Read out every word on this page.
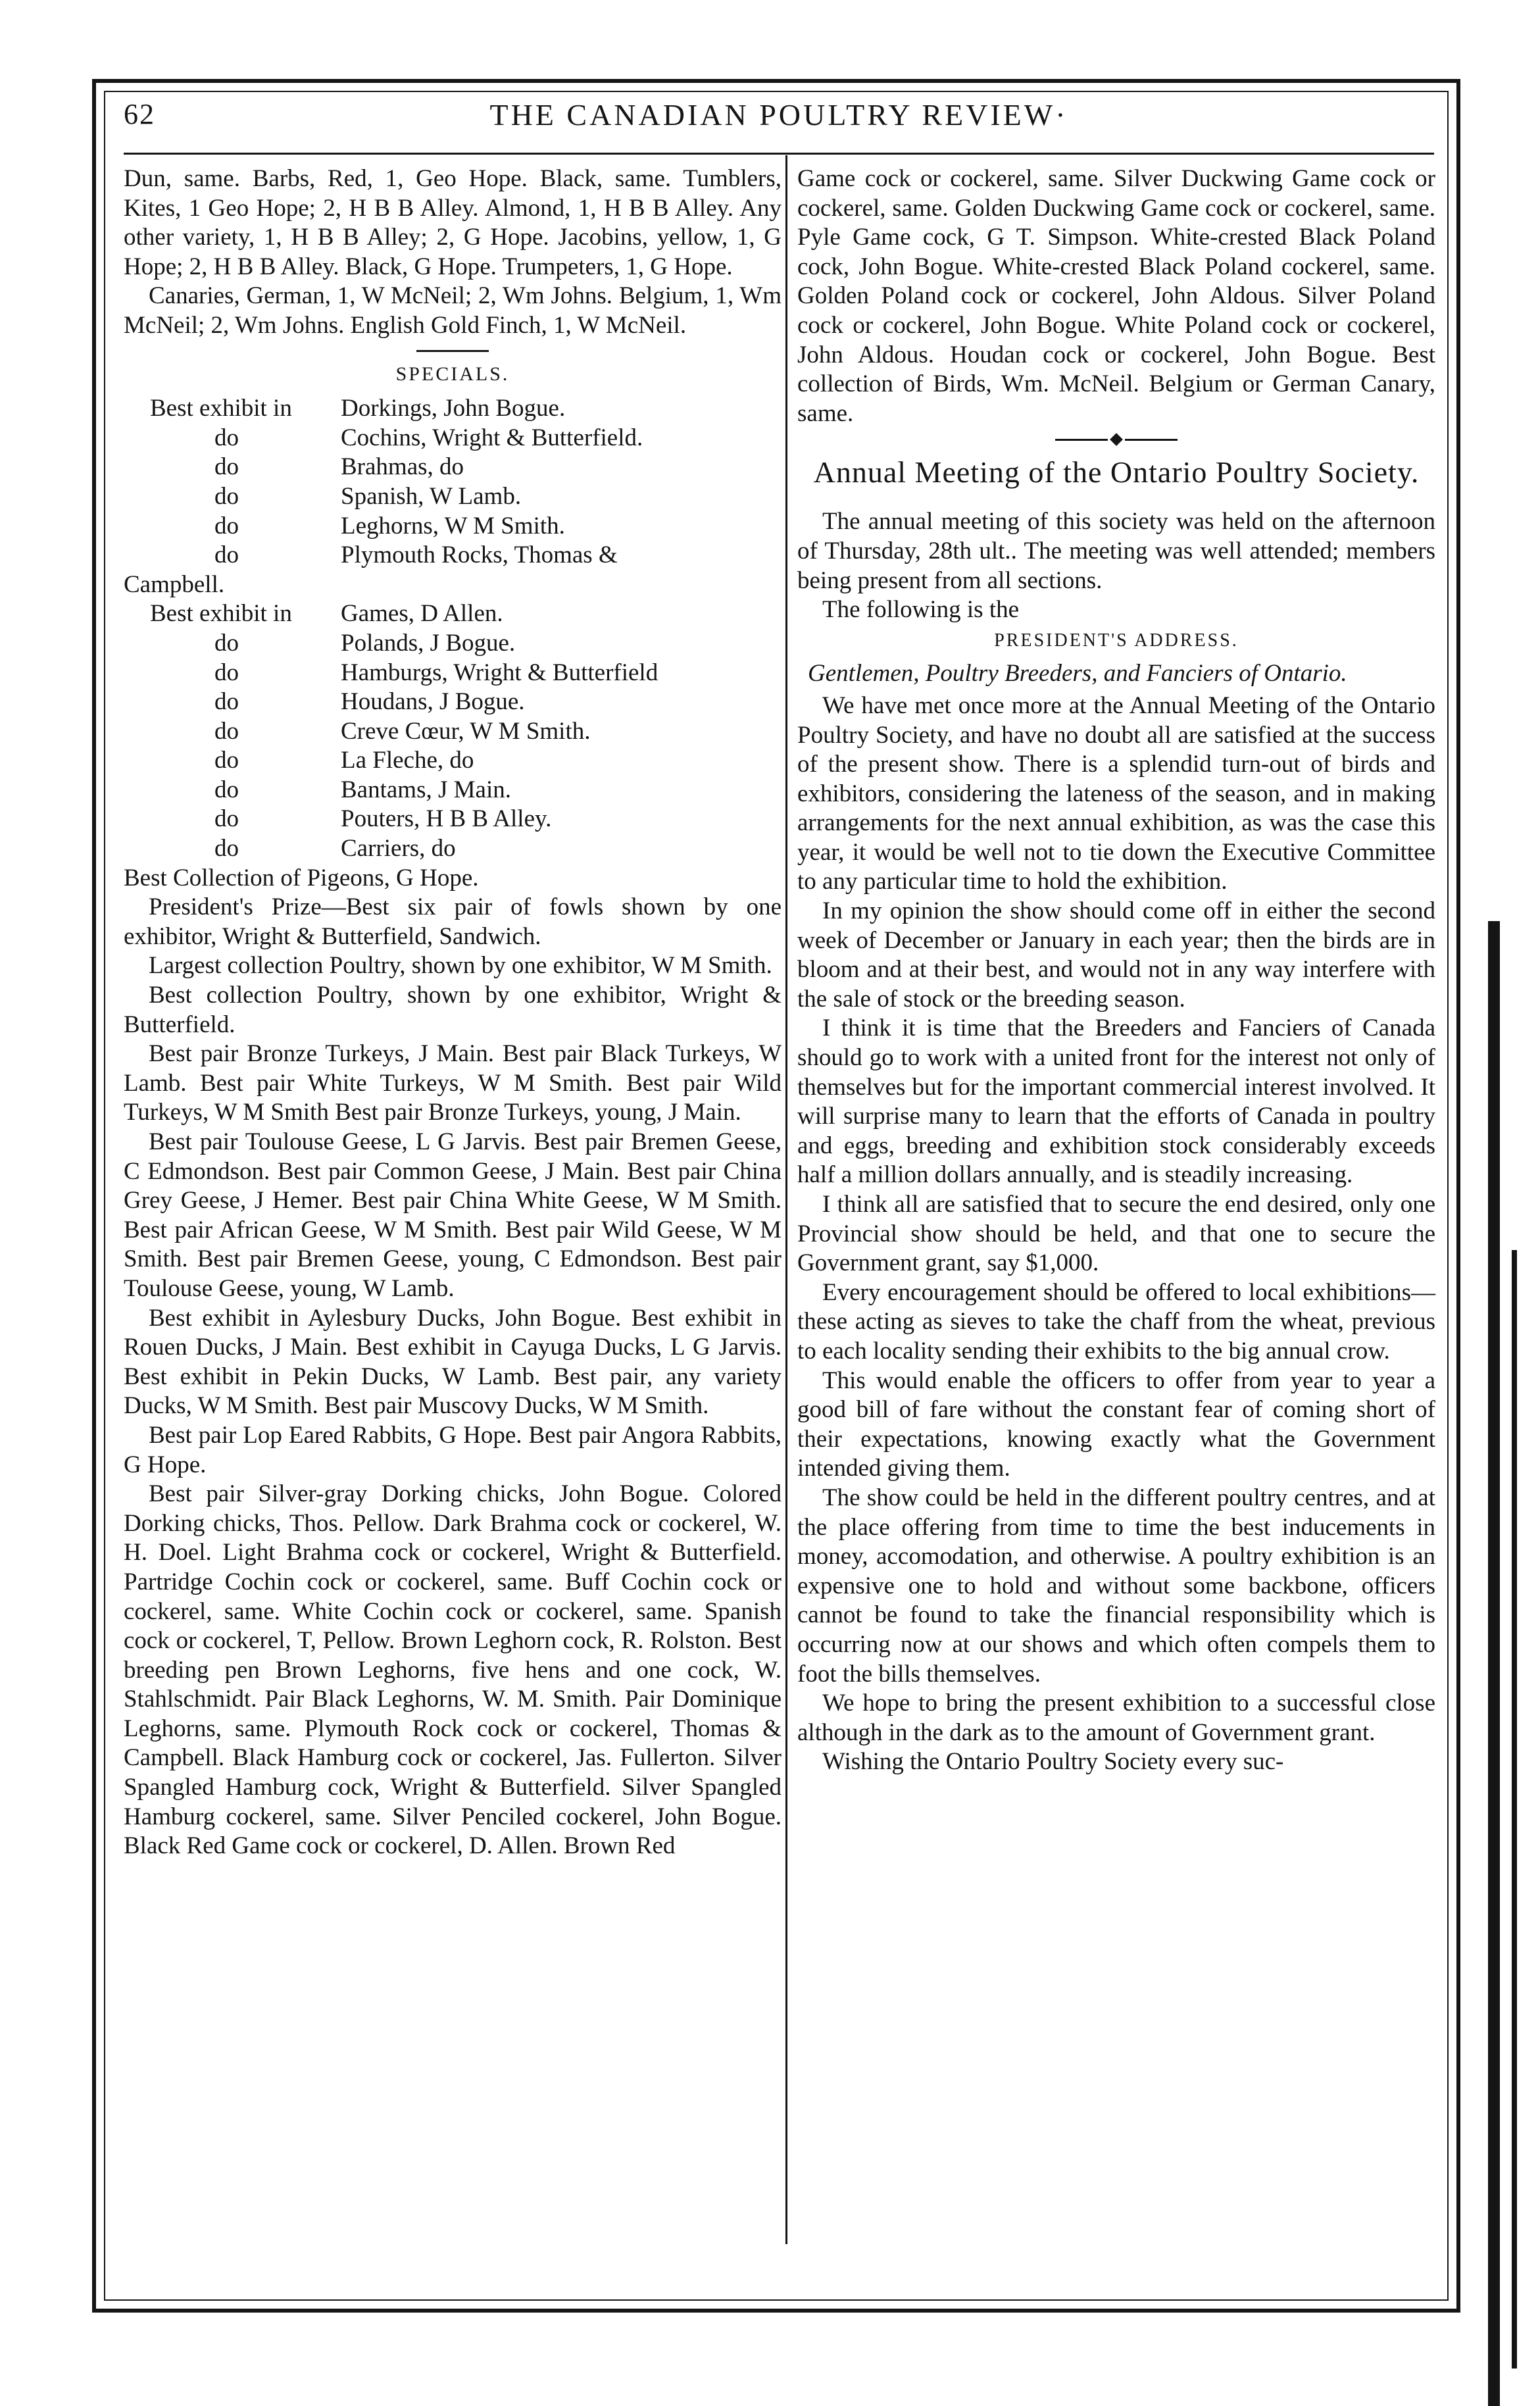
62	THE CANADIAN POULTRY REVIEW·

Dun, same. Barbs, Red, 1, Geo Hope. Black, same. Tumblers, Kites, 1 Geo Hope; 2, H B B Alley. Almond, 1, H B B Alley. Any other variety, 1, H B B Alley; 2, G Hope. Jacobins, yellow, 1, G Hope; 2, H B B Alley. Black, G Hope. Trumpeters, 1, G Hope.

Canaries, German, 1, W McNeil; 2, Wm Johns. Belgium, 1, Wm McNeil; 2, Wm Johns. English Gold Finch, 1, W McNeil.

SPECIALS.
Best exhibit in	Dorkings, John Bogue.
do	Cochins, Wright & Butterfield.
do	Brahmas, do
do	Spanish, W Lamb.
do	Leghorns, W M Smith.
do	Plymouth Rocks, Thomas &

Campbell.

Best exhibit in	Games, D Allen.
do	Polands, J Bogue.
do	Hamburgs, Wright & Butterfield
do	Houdans, J Bogue.
do	Creve Cœur, W M Smith.
do	La Fleche, do
do	Bantams, J Main.
do	Pouters, H B B Alley.
do	Carriers, do

Best Collection of Pigeons, G Hope.

President's Prize—Best six pair of fowls shown by one exhibitor, Wright & Butterfield, Sandwich.

Largest collection Poultry, shown by one exhibitor, W M Smith.

Best collection Poultry, shown by one exhibitor, Wright & Butterfield.

Best pair Bronze Turkeys, J Main. Best pair Black Turkeys, W Lamb. Best pair White Turkeys, W M Smith. Best pair Wild Turkeys, W M Smith Best pair Bronze Turkeys, young, J Main.

Best pair Toulouse Geese, L G Jarvis. Best pair Bremen Geese, C Edmondson. Best pair Common Geese, J Main. Best pair China Grey Geese, J Hemer. Best pair China White Geese, W M Smith. Best pair African Geese, W M Smith. Best pair Wild Geese, W M Smith. Best pair Bremen Geese, young, C Edmondson. Best pair Toulouse Geese, young, W Lamb.

Best exhibit in Aylesbury Ducks, John Bogue. Best exhibit in Rouen Ducks, J Main. Best exhibit in Cayuga Ducks, L G Jarvis. Best exhibit in Pekin Ducks, W Lamb. Best pair, any variety Ducks, W M Smith. Best pair Muscovy Ducks, W M Smith.

Best pair Lop Eared Rabbits, G Hope. Best pair Angora Rabbits, G Hope.

Best pair Silver-gray Dorking chicks, John Bogue. Colored Dorking chicks, Thos. Pellow. Dark Brahma cock or cockerel, W. H. Doel. Light Brahma cock or cockerel, Wright & Butterfield. Partridge Cochin cock or cockerel, same. Buff Cochin cock or cockerel, same. White Cochin cock or cockerel, same. Spanish cock or cockerel, T, Pellow. Brown Leghorn cock, R. Rolston. Best breeding pen Brown Leghorns, five hens and one cock, W. Stahlschmidt. Pair Black Leghorns, W. M. Smith. Pair Dominique Leghorns, same. Plymouth Rock cock or cockerel, Thomas & Campbell. Black Hamburg cock or cockerel, Jas. Fullerton. Silver Spangled Hamburg cock, Wright & Butterfield. Silver Spangled Hamburg cockerel, same. Silver Penciled cockerel, John Bogue. Black Red Game cock or cockerel, D. Allen. Brown Red

Game cock or cockerel, same. Silver Duckwing Game cock or cockerel, same. Golden Duckwing Game cock or cockerel, same. Pyle Game cock, G T. Simpson. White-crested Black Poland cock, John Bogue. White-crested Black Poland cockerel, same. Golden Poland cock or cockerel, John Aldous. Silver Poland cock or cockerel, John Bogue. White Poland cock or cockerel, John Aldous. Houdan cock or cockerel, John Bogue. Best collection of Birds, Wm. McNeil. Belgium or German Canary, same.

Annual Meeting of the Ontario Poultry Society.

The annual meeting of this society was held on the afternoon of Thursday, 28th ult.. The meeting was well attended; members being present from all sections.

The following is the

PRESIDENT'S ADDRESS.

Gentlemen, Poultry Breeders, and Fanciers of Ontario.

We have met once more at the Annual Meeting of the Ontario Poultry Society, and have no doubt all are satisfied at the success of the present show. There is a splendid turn-out of birds and exhibitors, considering the lateness of the season, and in making arrangements for the next annual exhibition, as was the case this year, it would be well not to tie down the Executive Committee to any particular time to hold the exhibition.

In my opinion the show should come off in either the second week of December or January in each year; then the birds are in bloom and at their best, and would not in any way interfere with the sale of stock or the breeding season.

I think it is time that the Breeders and Fanciers of Canada should go to work with a united front for the interest not only of themselves but for the important commercial interest involved. It will surprise many to learn that the efforts of Canada in poultry and eggs, breeding and exhibition stock considerably exceeds half a million dollars annually, and is steadily increasing.

I think all are satisfied that to secure the end desired, only one Provincial show should be held, and that one to secure the Government grant, say $1,000.

Every encouragement should be offered to local exhibitions—these acting as sieves to take the chaff from the wheat, previous to each locality sending their exhibits to the big annual crow.

This would enable the officers to offer from year to year a good bill of fare without the constant fear of coming short of their expectations, knowing exactly what the Government intended giving them.

The show could be held in the different poultry centres, and at the place offering from time to time the best inducements in money, accomodation, and otherwise. A poultry exhibition is an expensive one to hold and without some backbone, officers cannot be found to take the financial responsibility which is occurring now at our shows and which often compels them to foot the bills themselves.

We hope to bring the present exhibition to a successful close although in the dark as to the amount of Government grant.

Wishing the Ontario Poultry Society every suc-
